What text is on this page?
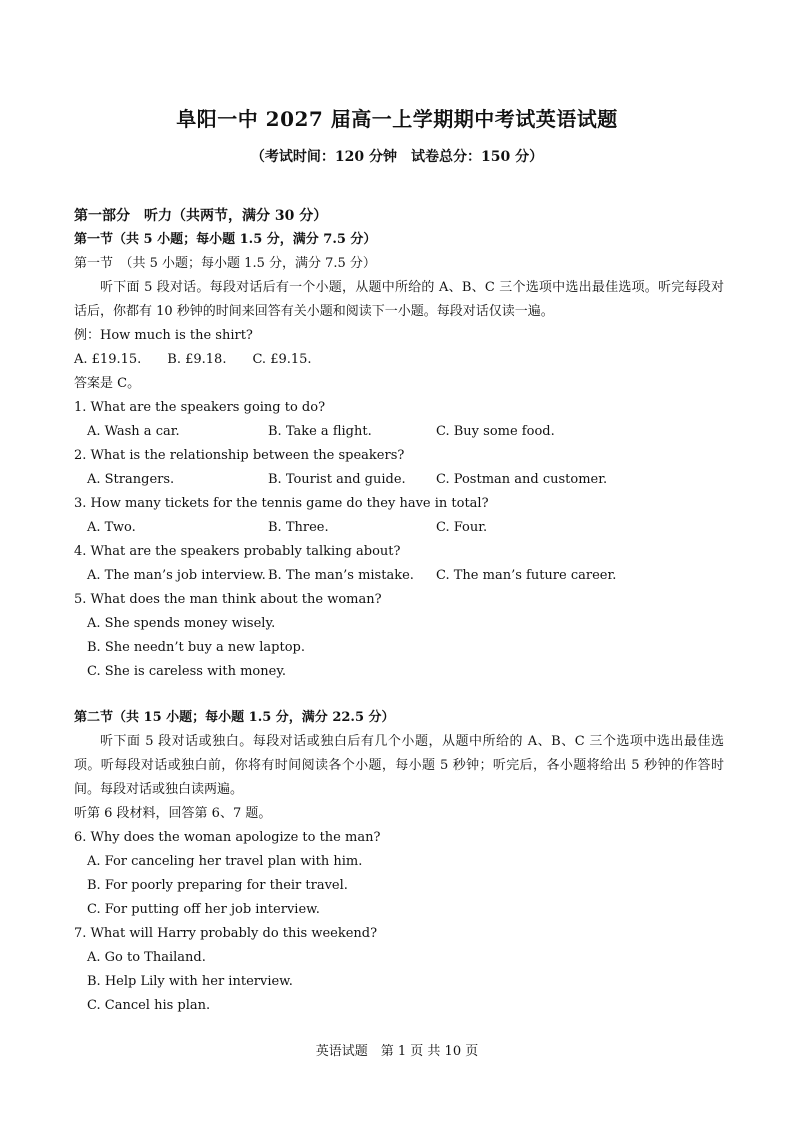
阜阳一中 2027 届高一上学期期中考试英语试题
（考试时间：120 分钟　试卷总分：150 分）
第一部分　听力（共两节，满分 30 分）
第一节（共 5 小题；每小题 1.5 分，满分 7.5 分）
第一节　（共 5 小题；每小题 1.5 分，满分 7.5 分）
听下面 5 段对话。每段对话后有一个小题，从题中所给的 A、B、C 三个选项中选出最佳选项。听完每段对话后，你都有 10 秒钟的时间来回答有关小题和阅读下一小题。每段对话仅读一遍。
例：How much is the shirt?
A. £19.15. B. £9.18. C. £9.15.
答案是 C。
1. What are the speakers going to do?
A. Wash a car.	B. Take a flight.	C. Buy some food.
2. What is the relationship between the speakers?
A. Strangers.	B. Tourist and guide.	C. Postman and customer.
3. How many tickets for the tennis game do they have in total?
A. Two.	B. Three.	C. Four.
4. What are the speakers probably talking about?
A. The man’s job interview. B. The man’s mistake.	C. The man’s future career.
5. What does the man think about the woman?
A. She spends money wisely.
B. She needn’t buy a new laptop.
C. She is careless with money.
第二节（共 15 小题；每小题 1.5 分，满分 22.5 分）
听下面 5 段对话或独白。每段对话或独白后有几个小题，从题中所给的 A、B、C 三个选项中选出最佳选项。听每段对话或独白前，你将有时间阅读各个小题，每小题 5 秒钟；听完后，各小题将给出 5 秒钟的作答时间。每段对话或独白读两遍。
听第 6 段材料，回答第 6、7 题。
6. Why does the woman apologize to the man?
A. For canceling her travel plan with him.
B. For poorly preparing for their travel.
C. For putting off her job interview.
7. What will Harry probably do this weekend?
A. Go to Thailand.
B. Help Lily with her interview.
C. Cancel his plan.
英语试题　第 1 页 共 10 页
